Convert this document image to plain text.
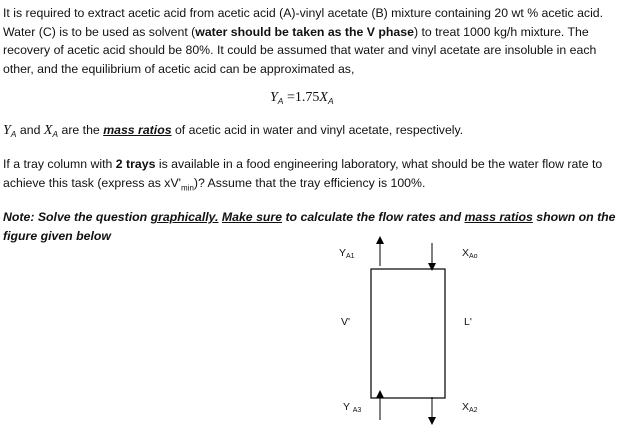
It is required to extract acetic acid from acetic acid (A)-vinyl acetate (B) mixture containing 20 wt % acetic acid. Water (C) is to be used as solvent (water should be taken as the V phase) to treat 1000 kg/h mixture. The recovery of acetic acid should be 80%. It could be assumed that water and vinyl acetate are insoluble in each other, and the equilibrium of acetic acid can be approximated as,

$Y_A =1.75X_A$

$Y_A$ and $X_A$ are the mass ratios of acetic acid in water and vinyl acetate, respectively.

If a tray column with 2 trays is available in a food engineering laboratory, what should be the water flow rate to achieve this task (express as $xV'_{min}$)? Assume that the tray efficiency is 100%.

Note: Solve the question graphically. Make sure to calculate the flow rates and mass ratios shown on the figure given below

$Y_{A1}$	$X_{Ao}$
V'	L'
Y $_{A3}$	$X_{A2}$
